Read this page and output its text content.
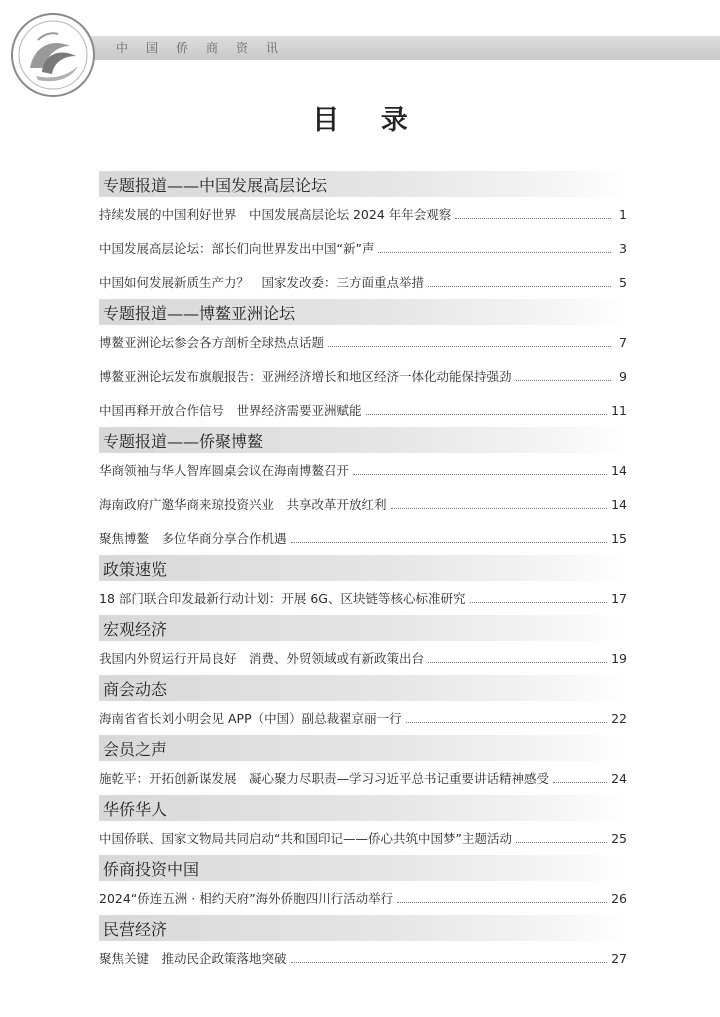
中国侨商资讯
目 录
专题报道——中国发展高层论坛
持续发展的中国利好世界　中国发展高层论坛 2024 年年会观察	1
中国发展高层论坛：部长们向世界发出中国“新”声	3
中国如何发展新质生产力？　国家发改委：三方面重点举措	5
专题报道——博鳌亚洲论坛
博鳌亚洲论坛参会各方剖析全球热点话题	7
博鳌亚洲论坛发布旗舰报告：亚洲经济增长和地区经济一体化动能保持强劲	9
中国再释开放合作信号　世界经济需要亚洲赋能	11
专题报道——侨聚博鳌
华商领袖与华人智库圆桌会议在海南博鳌召开	14
海南政府广邀华商来琼投资兴业　共享改革开放红利	14
聚焦博鳌　多位华商分享合作机遇	15
政策速览
18 部门联合印发最新行动计划：开展 6G、区块链等核心标准研究	17
宏观经济
我国内外贸运行开局良好　消费、外贸领域或有新政策出台	19
商会动态
海南省省长刘小明会见 APP（中国）副总裁翟京丽一行	22
会员之声
施乾平：开拓创新谋发展　凝心聚力尽职责—学习习近平总书记重要讲话精神感受	24
华侨华人
中国侨联、国家文物局共同启动“共和国印记——侨心共筑中国梦”主题活动	25
侨商投资中国
2024“侨连五洲 · 相约天府”海外侨胞四川行活动举行	26
民营经济
聚焦关键　推动民企政策落地突破	27
